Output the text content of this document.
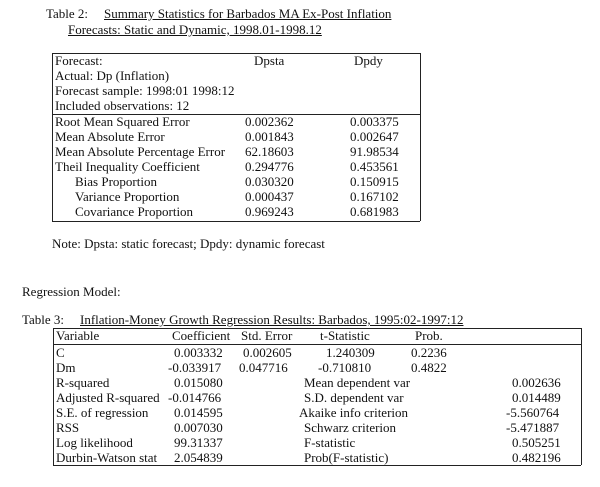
Table 2: Summary Statistics for Barbados MA Ex-Post Inflation
Forecasts: Static and Dynamic, 1998.01-1998.12
Forecast:	Dpsta	Dpdy
Actual: Dp (Inflation)
Forecast sample: 1998:01 1998:12
Included observations: 12
Root Mean Squared Error	0.002362	0.003375
Mean Absolute Error	0.001843	0.002647
Mean Absolute Percentage Error 62.18603	91.98534
Theil Inequality Coefficient	0.294776	0.453561
Bias Proportion	0.030320	0.150915
Variance Proportion	0.000437	0.167102
Covariance Proportion	0.969243	0.681983
Note: Dpsta: static forecast; Dpdy: dynamic forecast
Regression Model:
Table 3: Inflation-Money Growth Regression Results: Barbados, 1995:02-1997:12
Variable	Coefficient Std. Error t-Statistic	Prob.
C	0.003332 0.002605	1.240309	0.2236
Dm	-0.033917 0.047716 -0.710810	0.4822
R-squared	0.015080	Mean dependent var	0.002636
Adjusted R-squared -0.014766	S.D. dependent var	0.014489
S.E. of regression 0.014595	Akaike info criterion	-5.560764
RSS	0.007030	Schwarz criterion	-5.471887
Log likelihood	99.31337	F-statistic	0.505251
Durbin-Watson stat 2.054839	Prob(F-statistic)	0.482196
